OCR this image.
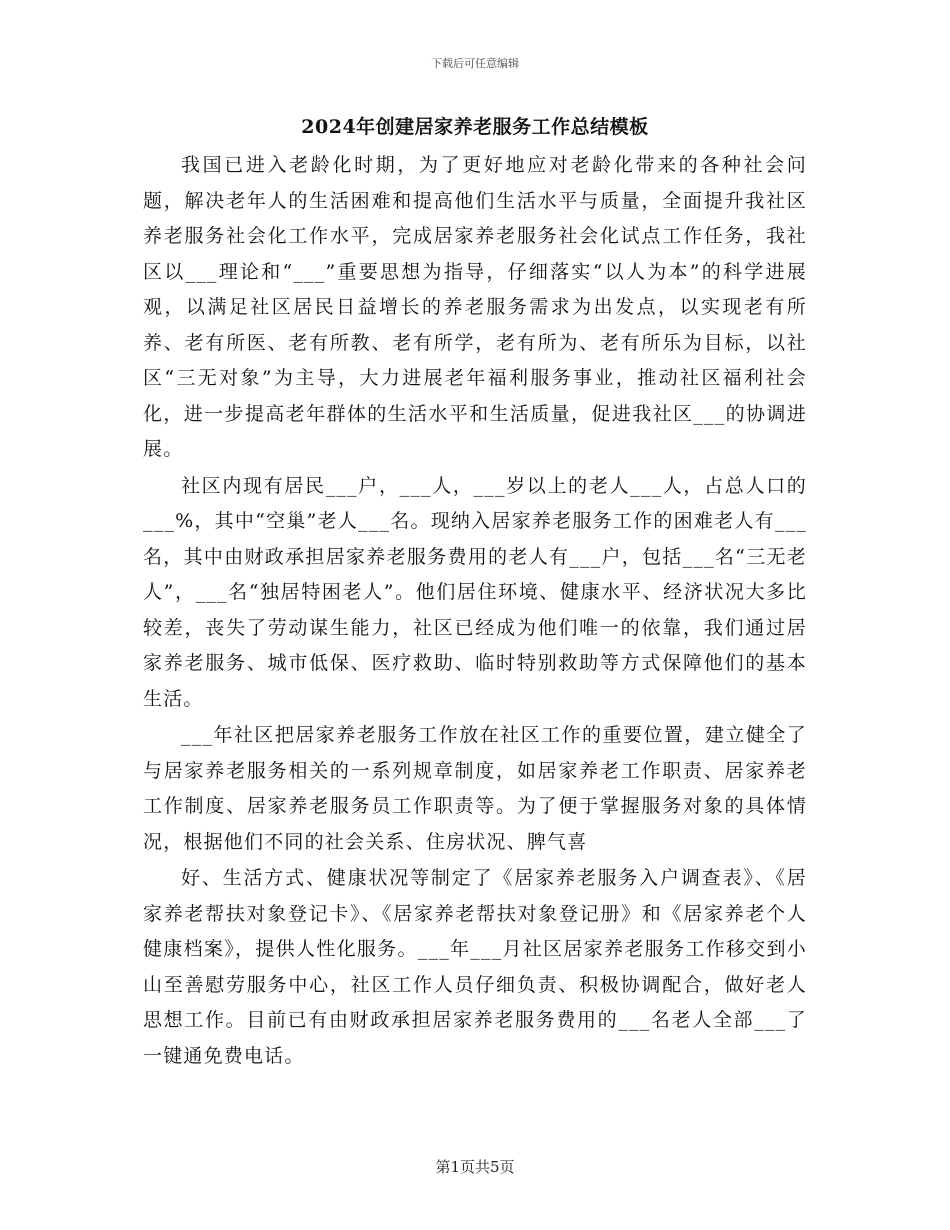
下载后可任意编辑
2024年创建居家养老服务工作总结模板

我国已进入老龄化时期，为了更好地应对老龄化带来的各种社会问题，解决老年人的生活困难和提高他们生活水平与质量，全面提升我社区养老服务社会化工作水平，完成居家养老服务社会化试点工作任务，我社区以___理论和“___”重要思想为指导，仔细落实“以人为本”的科学进展观，以满足社区居民日益增长的养老服务需求为出发点，以实现老有所养、老有所医、老有所教、老有所学，老有所为、老有所乐为目标，以社区“三无对象”为主导，大力进展老年福利服务事业，推动社区福利社会化，进一步提高老年群体的生活水平和生活质量，促进我社区___的协调进展。

社区内现有居民___户，___人，___岁以上的老人___人，占总人口的___%，其中“空巢”老人___名。现纳入居家养老服务工作的困难老人有___名，其中由财政承担居家养老服务费用的老人有___户，包括___名“三无老人”，___名“独居特困老人”。他们居住环境、健康水平、经济状况大多比较差，丧失了劳动谋生能力，社区已经成为他们唯一的依靠，我们通过居家养老服务、城市低保、医疗救助、临时特别救助等方式保障他们的基本生活。

___年社区把居家养老服务工作放在社区工作的重要位置，建立健全了与居家养老服务相关的一系列规章制度，如居家养老工作职责、居家养老工作制度、居家养老服务员工作职责等。为了便于掌握服务对象的具体情况，根据他们不同的社会关系、住房状况、脾气喜

好、生活方式、健康状况等制定了《居家养老服务入户调查表》、《居家养老帮扶对象登记卡》、《居家养老帮扶对象登记册》和《居家养老个人健康档案》，提供人性化服务。___年___月社区居家养老服务工作移交到小山至善慰劳服务中心，社区工作人员仔细负责、积极协调配合，做好老人思想工作。目前已有由财政承担居家养老服务费用的___名老人全部___了一键通免费电话。

第1页共5页
